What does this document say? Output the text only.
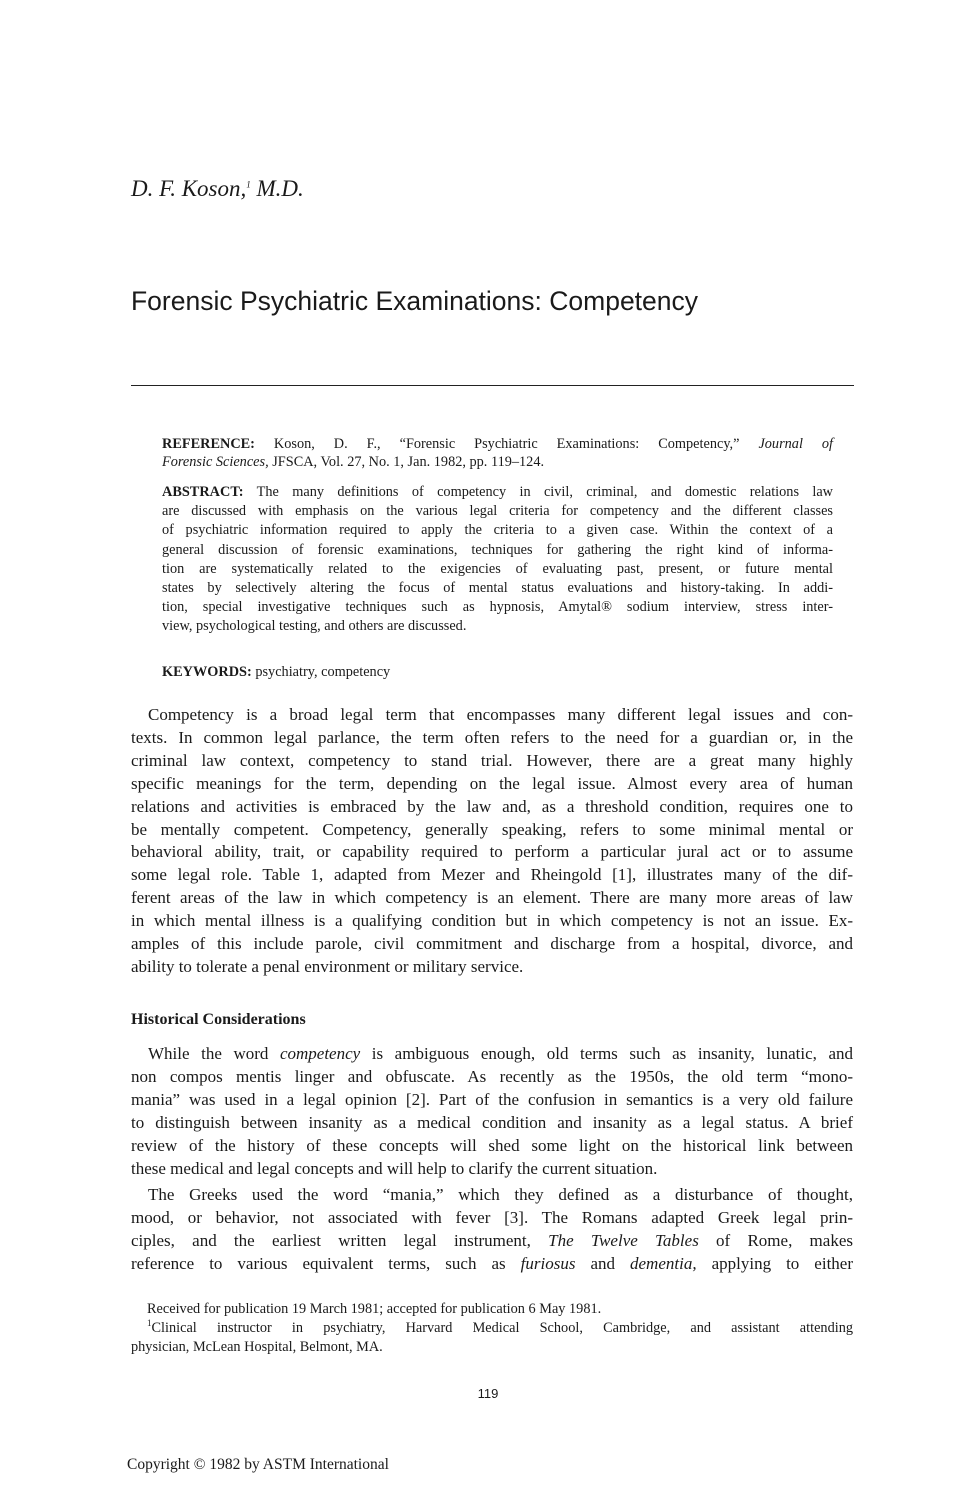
D. F. Koson,$^1$ M.D.
Forensic Psychiatric Examinations: Competency
REFERENCE: Koson, D. F., “Forensic Psychiatric Examinations: Competency,” Journal of
Forensic Sciences, JFSCA, Vol. 27, No. 1, Jan. 1982, pp. 119–124.
ABSTRACT: The many definitions of competency in civil, criminal, and domestic relations law
are discussed with emphasis on the various legal criteria for competency and the different classes
of psychiatric information required to apply the criteria to a given case. Within the context of a
general discussion of forensic examinations, techniques for gathering the right kind of informa-
tion are systematically related to the exigencies of evaluating past, present, or future mental
states by selectively altering the focus of mental status evaluations and history-taking. In addi-
tion, special investigative techniques such as hypnosis, Amytal® sodium interview, stress inter-
view, psychological testing, and others are discussed.
KEYWORDS: psychiatry, competency
Competency is a broad legal term that encompasses many different legal issues and con-
texts. In common legal parlance, the term often refers to the need for a guardian or, in the
criminal law context, competency to stand trial. However, there are a great many highly
specific meanings for the term, depending on the legal issue. Almost every area of human
relations and activities is embraced by the law and, as a threshold condition, requires one to
be mentally competent. Competency, generally speaking, refers to some minimal mental or
behavioral ability, trait, or capability required to perform a particular jural act or to assume
some legal role. Table 1, adapted from Mezer and Rheingold [1], illustrates many of the dif-
ferent areas of the law in which competency is an element. There are many more areas of law
in which mental illness is a qualifying condition but in which competency is not an issue. Ex-
amples of this include parole, civil commitment and discharge from a hospital, divorce, and
ability to tolerate a penal environment or military service.
Historical Considerations
While the word competency is ambiguous enough, old terms such as insanity, lunatic, and
non compos mentis linger and obfuscate. As recently as the 1950s, the old term “mono-
mania” was used in a legal opinion [2]. Part of the confusion in semantics is a very old failure
to distinguish between insanity as a medical condition and insanity as a legal status. A brief
review of the history of these concepts will shed some light on the historical link between
these medical and legal concepts and will help to clarify the current situation.
The Greeks used the word “mania,” which they defined as a disturbance of thought,
mood, or behavior, not associated with fever [3]. The Romans adapted Greek legal prin-
ciples, and the earliest written legal instrument, The Twelve Tables of Rome, makes
reference to various equivalent terms, such as furiosus and dementia, applying to either
Received for publication 19 March 1981; accepted for publication 6 May 1981.
$^1$Clinical instructor in psychiatry, Harvard Medical School, Cambridge, and assistant attending
physician, McLean Hospital, Belmont, MA.
119
Copyright © 1982 by ASTM International
